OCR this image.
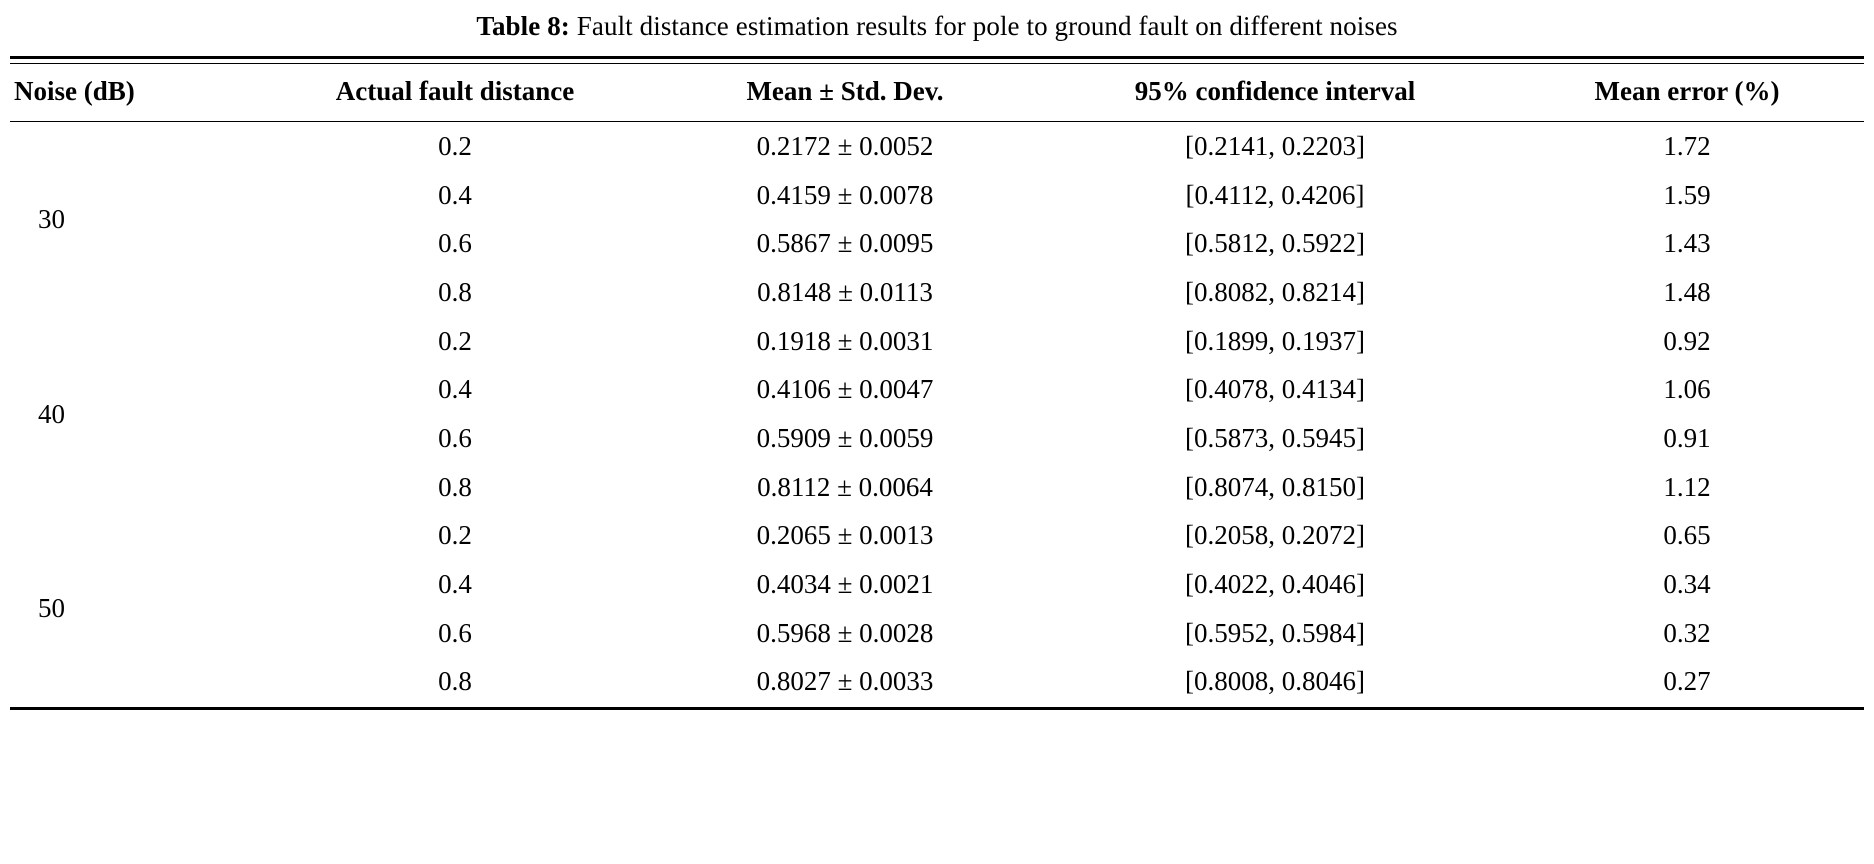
Table 8: Fault distance estimation results for pole to ground fault on different noises
Noise (dB)	Actual fault distance	Mean ± Std. Dev.	95% confidence interval	Mean error (%)
30	0.2	0.2172 ± 0.0052	[0.2141, 0.2203]	1.72
	0.4	0.4159 ± 0.0078	[0.4112, 0.4206]	1.59
	0.6	0.5867 ± 0.0095	[0.5812, 0.5922]	1.43
	0.8	0.8148 ± 0.0113	[0.8082, 0.8214]	1.48
40	0.2	0.1918 ± 0.0031	[0.1899, 0.1937]	0.92
	0.4	0.4106 ± 0.0047	[0.4078, 0.4134]	1.06
	0.6	0.5909 ± 0.0059	[0.5873, 0.5945]	0.91
	0.8	0.8112 ± 0.0064	[0.8074, 0.8150]	1.12
50	0.2	0.2065 ± 0.0013	[0.2058, 0.2072]	0.65
	0.4	0.4034 ± 0.0021	[0.4022, 0.4046]	0.34
	0.6	0.5968 ± 0.0028	[0.5952, 0.5984]	0.32
	0.8	0.8027 ± 0.0033	[0.8008, 0.8046]	0.27
